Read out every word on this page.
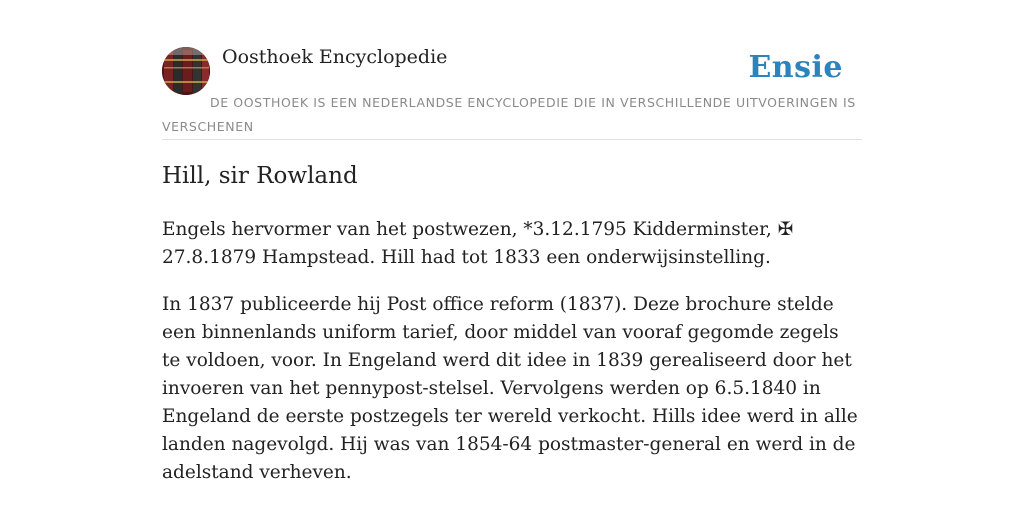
Oosthoek Encyclopedie	Ensie
DE OOSTHOEK IS EEN NEDERLANDSE ENCYCLOPEDIE DIE IN VERSCHILLENDE UITVOERINGEN IS VERSCHENEN
Hill, sir Rowland

Engels hervormer van het postwezen, *3.12.1795 Kidderminster, ✠ 27.8.1879 Hampstead. Hill had tot 1833 een onderwijsinstelling.

In 1837 publiceerde hij Post office reform (1837). Deze brochure stelde een binnenlands uniform tarief, door middel van vooraf gegomde zegels te voldoen, voor. In Engeland werd dit idee in 1839 gerealiseerd door het invoeren van het pennypost-stelsel. Vervolgens werden op 6.5.1840 in Engeland de eerste postzegels ter wereld verkocht. Hills idee werd in alle landen nagevolgd. Hij was van 1854-64 postmaster-general en werd in de adelstand verheven.
